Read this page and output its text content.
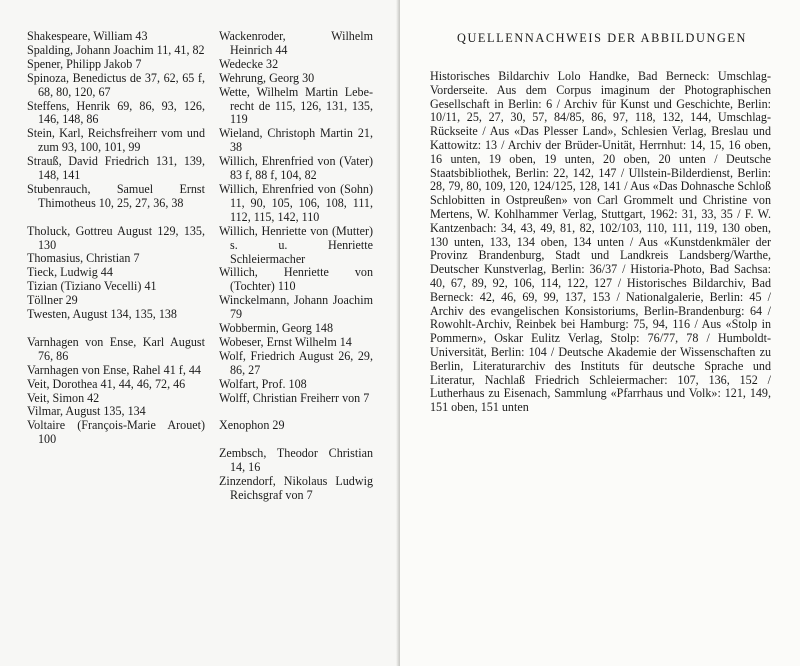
Shakespeare, William 43
Spalding, Johann Joachim 11, 41, 82
Spener, Philipp Jakob 7
Spinoza, Benedictus de 37, 62, 65 f, 68, 80, 120, 67
Steffens, Henrik 69, 86, 93, 126, 146, 148, 86
Stein, Karl, Reichsfreiherr vom und zum 93, 100, 101, 99
Strauß, David Friedrich 131, 139, 148, 141
Stubenrauch, Samuel Ernst Thimotheus 10, 25, 27, 36, 38
Tholuck, Gottreu August 129, 135, 130
Thomasius, Christian 7
Tieck, Ludwig 44
Tizian (Tiziano Vecelli) 41
Töllner 29
Twesten, August 134, 135, 138
Varnhagen von Ense, Karl August 76, 86
Varnhagen von Ense, Rahel 41 f, 44
Veit, Dorothea 41, 44, 46, 72, 46
Veit, Simon 42
Vilmar, August 135, 134
Voltaire (François-Marie Arouet) 100
Wackenroder, Wilhelm Heinrich 44
Wedecke 32
Wehrung, Georg 30
Wette, Wilhelm Martin Leberecht de 115, 126, 131, 135, 119
Wieland, Christoph Martin 21, 38
Willich, Ehrenfried von (Vater) 83 f, 88 f, 104, 82
Willich, Ehrenfried von (Sohn) 11, 90, 105, 106, 108, 111, 112, 115, 142, 110
Willich, Henriette von (Mutter) s. u. Henriette Schleiermacher
Willich, Henriette von (Tochter) 110
Winckelmann, Johann Joachim 79
Wobbermin, Georg 148
Wobeser, Ernst Wilhelm 14
Wolf, Friedrich August 26, 29, 86, 27
Wolfart, Prof. 108
Wolff, Christian Freiherr von 7
Xenophon 29
Zembsch, Theodor Christian 14, 16
Zinzendorf, Nikolaus Ludwig Reichsgraf von 7
QUELLENNACHWEIS DER ABBILDUNGEN
Historisches Bildarchiv Lolo Handke, Bad Berneck: Umschlag-Vorderseite. Aus dem Corpus imaginum der Photographischen Gesellschaft in Berlin: 6 / Archiv für Kunst und Geschichte, Berlin: 10/11, 25, 27, 30, 57, 84/85, 86, 97, 118, 132, 144, Umschlag-Rückseite / Aus «Das Plesser Land», Schlesien Verlag, Breslau und Kattowitz: 13 / Archiv der Brüder-Unität, Herrnhut: 14, 15, 16 oben, 16 unten, 19 oben, 19 unten, 20 oben, 20 unten / Deutsche Staatsbibliothek, Berlin: 22, 142, 147 / Ullstein-Bilderdienst, Berlin: 28, 79, 80, 109, 120, 124/125, 128, 141 / Aus «Das Dohnasche Schloß Schlobitten in Ostpreußen» von Carl Grommelt und Christine von Mertens, W. Kohlhammer Verlag, Stuttgart, 1962: 31, 33, 35 / F. W. Kantzenbach: 34, 43, 49, 81, 82, 102/103, 110, 111, 119, 130 oben, 130 unten, 133, 134 oben, 134 unten / Aus «Kunstdenkmäler der Provinz Brandenburg, Stadt und Landkreis Landsberg/Warthe, Deutscher Kunstverlag, Berlin: 36/37 / Historia-Photo, Bad Sachsa: 40, 67, 89, 92, 106, 114, 122, 127 / Historisches Bildarchiv, Bad Berneck: 42, 46, 69, 99, 137, 153 / Nationalgalerie, Berlin: 45 / Archiv des evangelischen Konsistoriums, Berlin-Brandenburg: 64 / Rowohlt-Archiv, Reinbek bei Hamburg: 75, 94, 116 / Aus «Stolp in Pommern», Oskar Eulitz Verlag, Stolp: 76/77, 78 / Humboldt-Universität, Berlin: 104 / Deutsche Akademie der Wissenschaften zu Berlin, Literaturarchiv des Instituts für deutsche Sprache und Literatur, Nachlaß Friedrich Schleiermacher: 107, 136, 152 / Lutherhaus zu Eisenach, Sammlung «Pfarrhaus und Volk»: 121, 149, 151 oben, 151 unten
